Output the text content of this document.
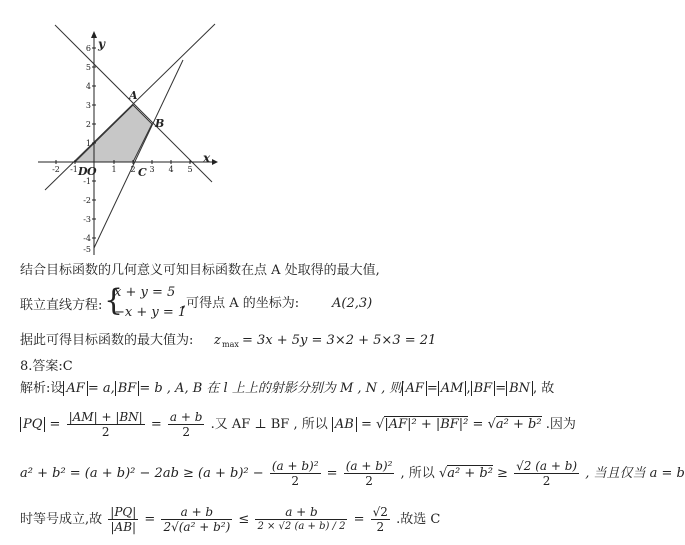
-2 -1	1 2 3 4 5
6
5
4
3
2
1
-1
-2
-3
-4
-5
x
y
A
B
C
D O
结合目标函数的几何意义可知目标函数在点 A 处取得的最大值,
联立直线方程: {
x + y = 5
−x + y = 1
,可得点 A 的坐标为:	A(2,3)
据此可得目标函数的最大值为: z max = 3x + 5y = 3×2 + 5×3 = 21
8.答案:C
解析:设 AF = a, BF = b , A, B 在 l 上上的射影分别为 M , N , 则 AF = AM , BF = BN , 故
PQ = $\frac{|AM| + |BN|}{2} = \frac{a + b}{2}$ .又 AF ⊥ BF , 所以 AB = √|AF|² + |BF|² = √a² + b² .因为
$a^2 + b^2 = (a + b)^2 - 2ab \ge (a + b)^2 - \frac{\text{(a + b)²}}{2} = \frac{\text{(a + b)²}}{2}$ , 所以 $√a^2 + b^2 \ge \frac{√2 (a + b)}{2}$ , 当且仅当 a = b
时等号成立,故 $\frac{|PQ|}{|AB|} = \frac{a + b}{\text{2√(a² + b²)}} \le \frac{a + b}{2 \times √2 (a + b) / 2} = \frac{√2}{2}$ .故选 C
